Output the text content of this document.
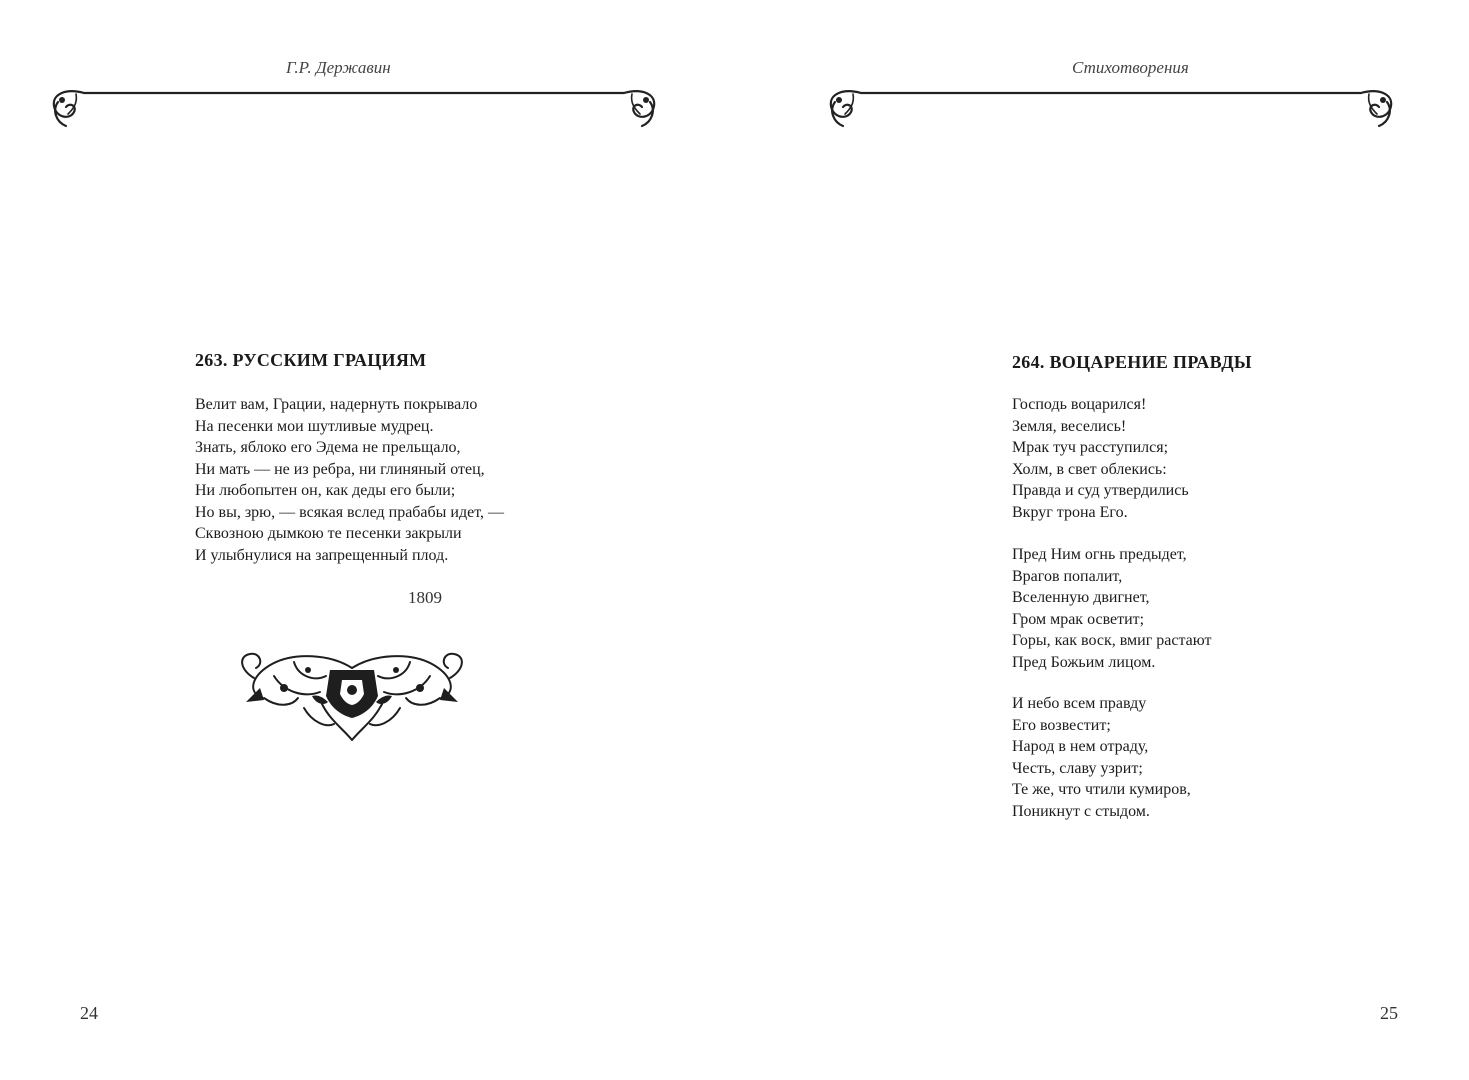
Г.Р. Державин
263. РУССКИМ ГРАЦИЯМ
Велит вам, Грации, надернуть покрывало
На песенки мои шутливые мудрец.
Знать, яблоко его Эдема не прельщало,
Ни мать — не из ребра, ни глиняный отец,
Ни любопытен он, как деды его были;
Но вы, зрю, — всякая вслед прабабы идет, —
Сквозною дымкою те песенки закрыли
И улыбнулися на запрещенный плод.
1809
24
Стихотворения
264. ВОЦАРЕНИЕ ПРАВДЫ
Господь воцарился!
Земля, веселись!
Мрак туч расступился;
Холм, в свет облекись:
Правда и суд утвердились
Вкруг трона Его.
Пред Ним огнь предыдет,
Врагов попалит,
Вселенную двигнет,
Гром мрак осветит;
Горы, как воск, вмиг растают
Пред Божьим лицом.
И небо всем правду
Его возвестит;
Народ в нем отраду,
Честь, славу узрит;
Те же, что чтили кумиров,
Поникнут с стыдом.
25
